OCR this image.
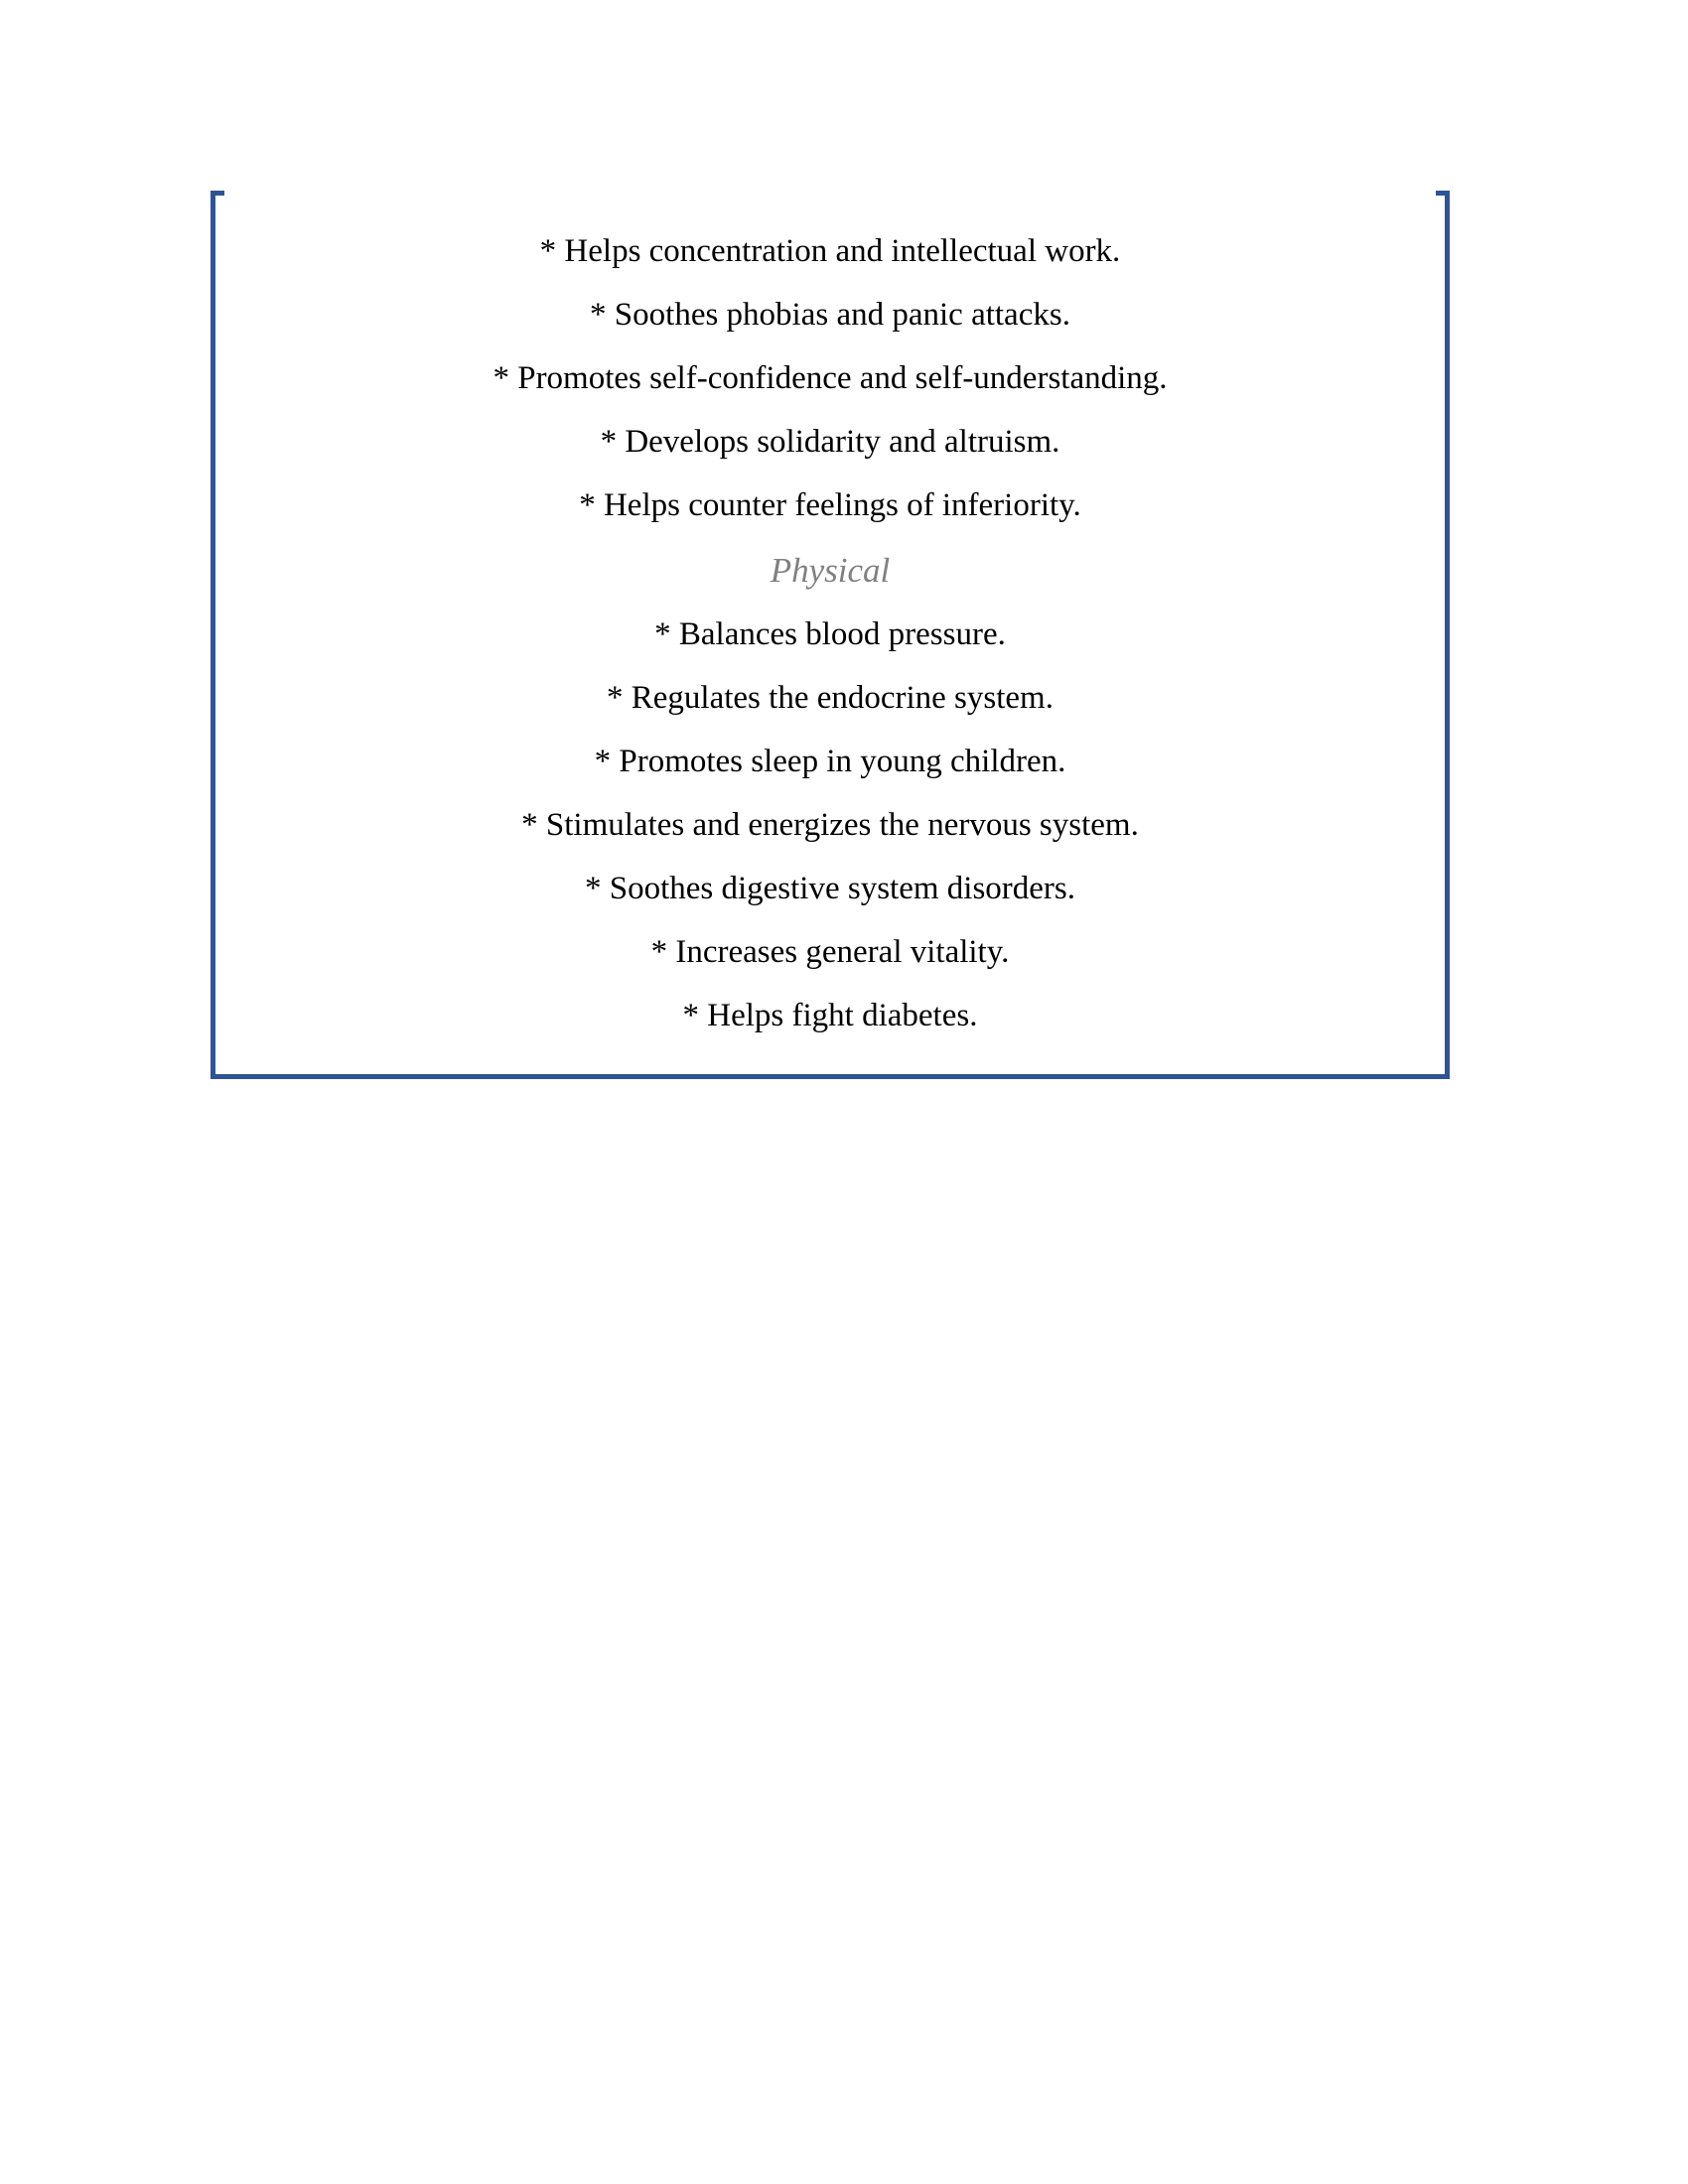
* Helps concentration and intellectual work.

* Soothes phobias and panic attacks.

* Promotes self-confidence and self-understanding.

* Develops solidarity and altruism.

* Helps counter feelings of inferiority.

Physical

* Balances blood pressure.

* Regulates the endocrine system.

* Promotes sleep in young children.

* Stimulates and energizes the nervous system.

* Soothes digestive system disorders.

* Increases general vitality.

* Helps fight diabetes.
